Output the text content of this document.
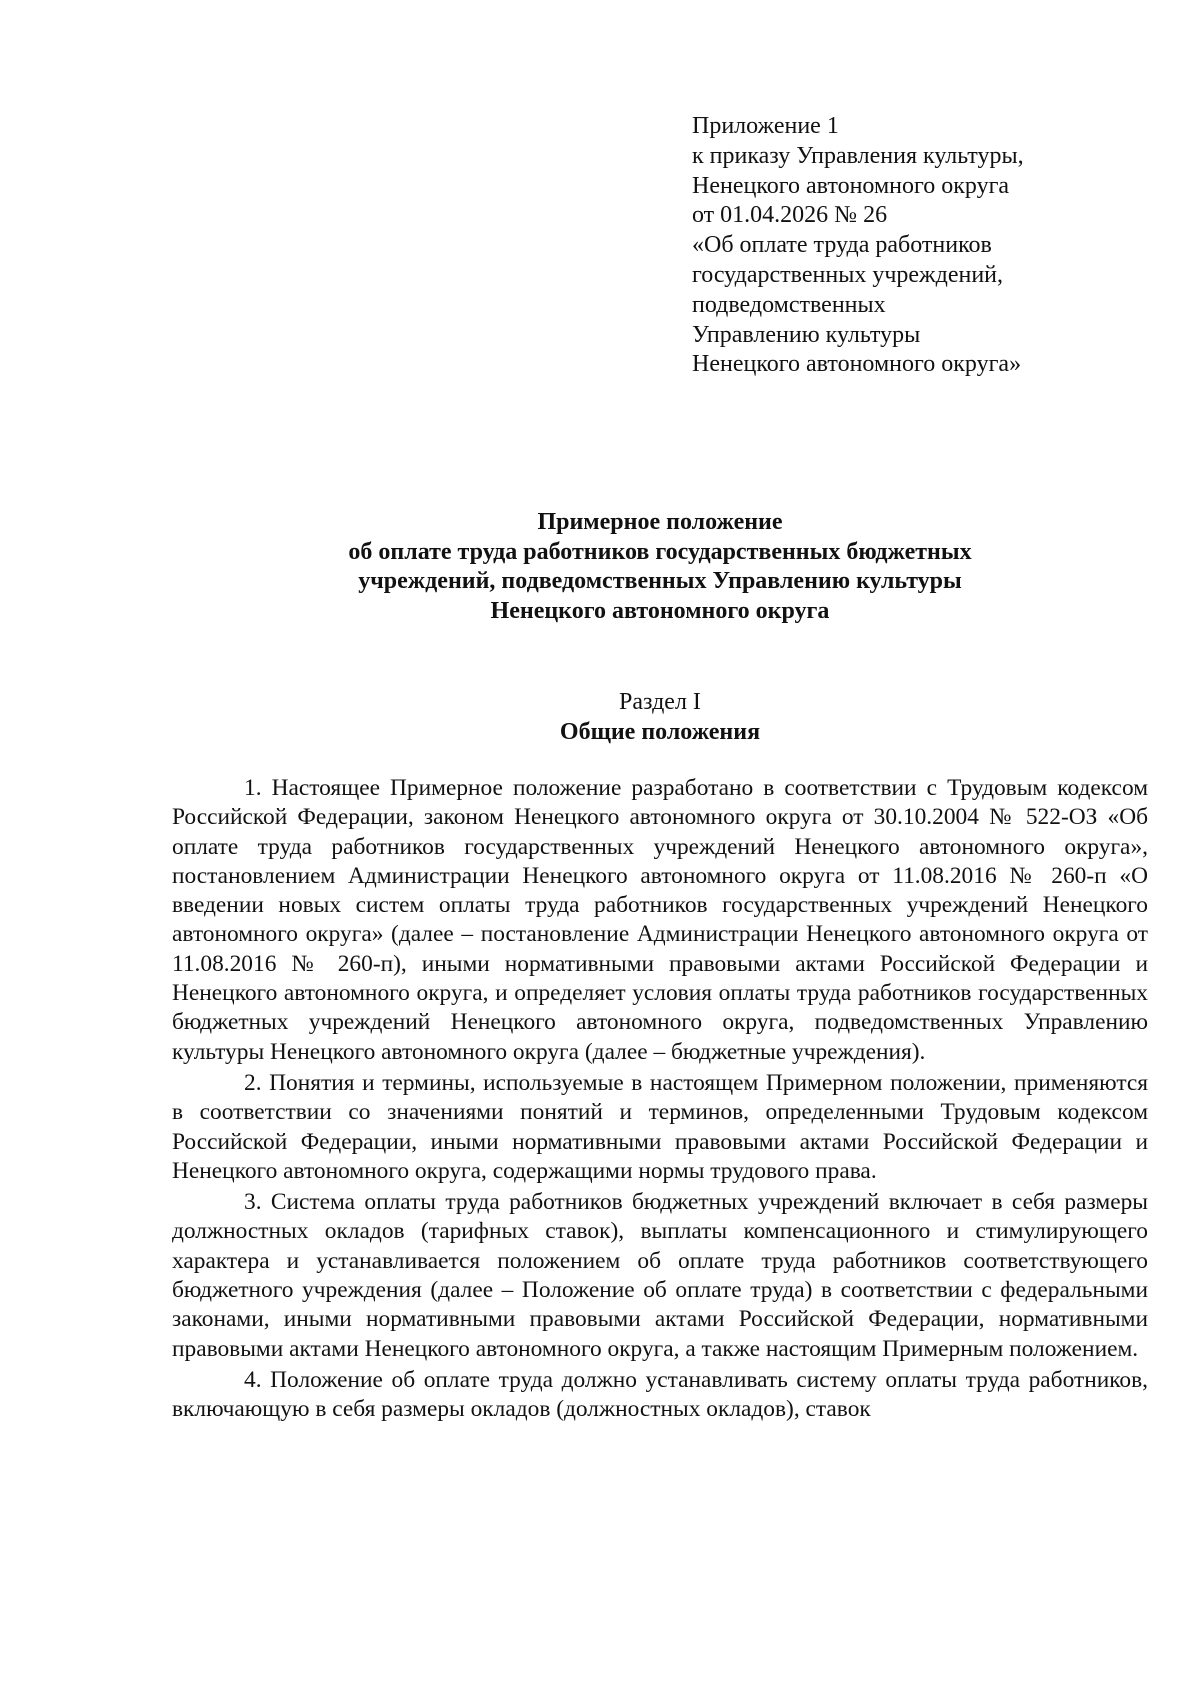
Приложение 1
к приказу Управления культуры,
Ненецкого автономного округа
от 01.04.2026 № 26
«Об оплате труда работников
государственных учреждений,
подведомственных
Управлению культуры
Ненецкого автономного округа»
Примерное положение
об оплате труда работников государственных бюджетных
учреждений, подведомственных Управлению культуры
Ненецкого автономного округа
Раздел I
Общие положения

1. Настоящее Примерное положение разработано в соответствии с Трудовым кодексом Российской Федерации, законом Ненецкого автономного округа от 30.10.2004 № 522-ОЗ «Об оплате труда работников государственных учреждений Ненецкого автономного округа», постановлением Администрации Ненецкого автономного округа от 11.08.2016 № 260-п «О введении новых систем оплаты труда работников государственных учреждений Ненецкого автономного округа» (далее – постановление Администрации Ненецкого автономного округа от 11.08.2016 № 260-п), иными нормативными правовыми актами Российской Федерации и Ненецкого автономного округа, и определяет условия оплаты труда работников государственных бюджетных учреждений Ненецкого автономного округа, подведомственных Управлению культуры Ненецкого автономного округа (далее – бюджетные учреждения).

2. Понятия и термины, используемые в настоящем Примерном положении, применяются в соответствии со значениями понятий и терминов, определенными Трудовым кодексом Российской Федерации, иными нормативными правовыми актами Российской Федерации и Ненецкого автономного округа, содержащими нормы трудового права.

3. Система оплаты труда работников бюджетных учреждений включает в себя размеры должностных окладов (тарифных ставок), выплаты компенсационного и стимулирующего характера и устанавливается положением об оплате труда работников соответствующего бюджетного учреждения (далее – Положение об оплате труда) в соответствии с федеральными законами, иными нормативными правовыми актами Российской Федерации, нормативными правовыми актами Ненецкого автономного округа, а также настоящим Примерным положением.

4. Положение об оплате труда должно устанавливать систему оплаты труда работников, включающую в себя размеры окладов (должностных окладов), ставок
